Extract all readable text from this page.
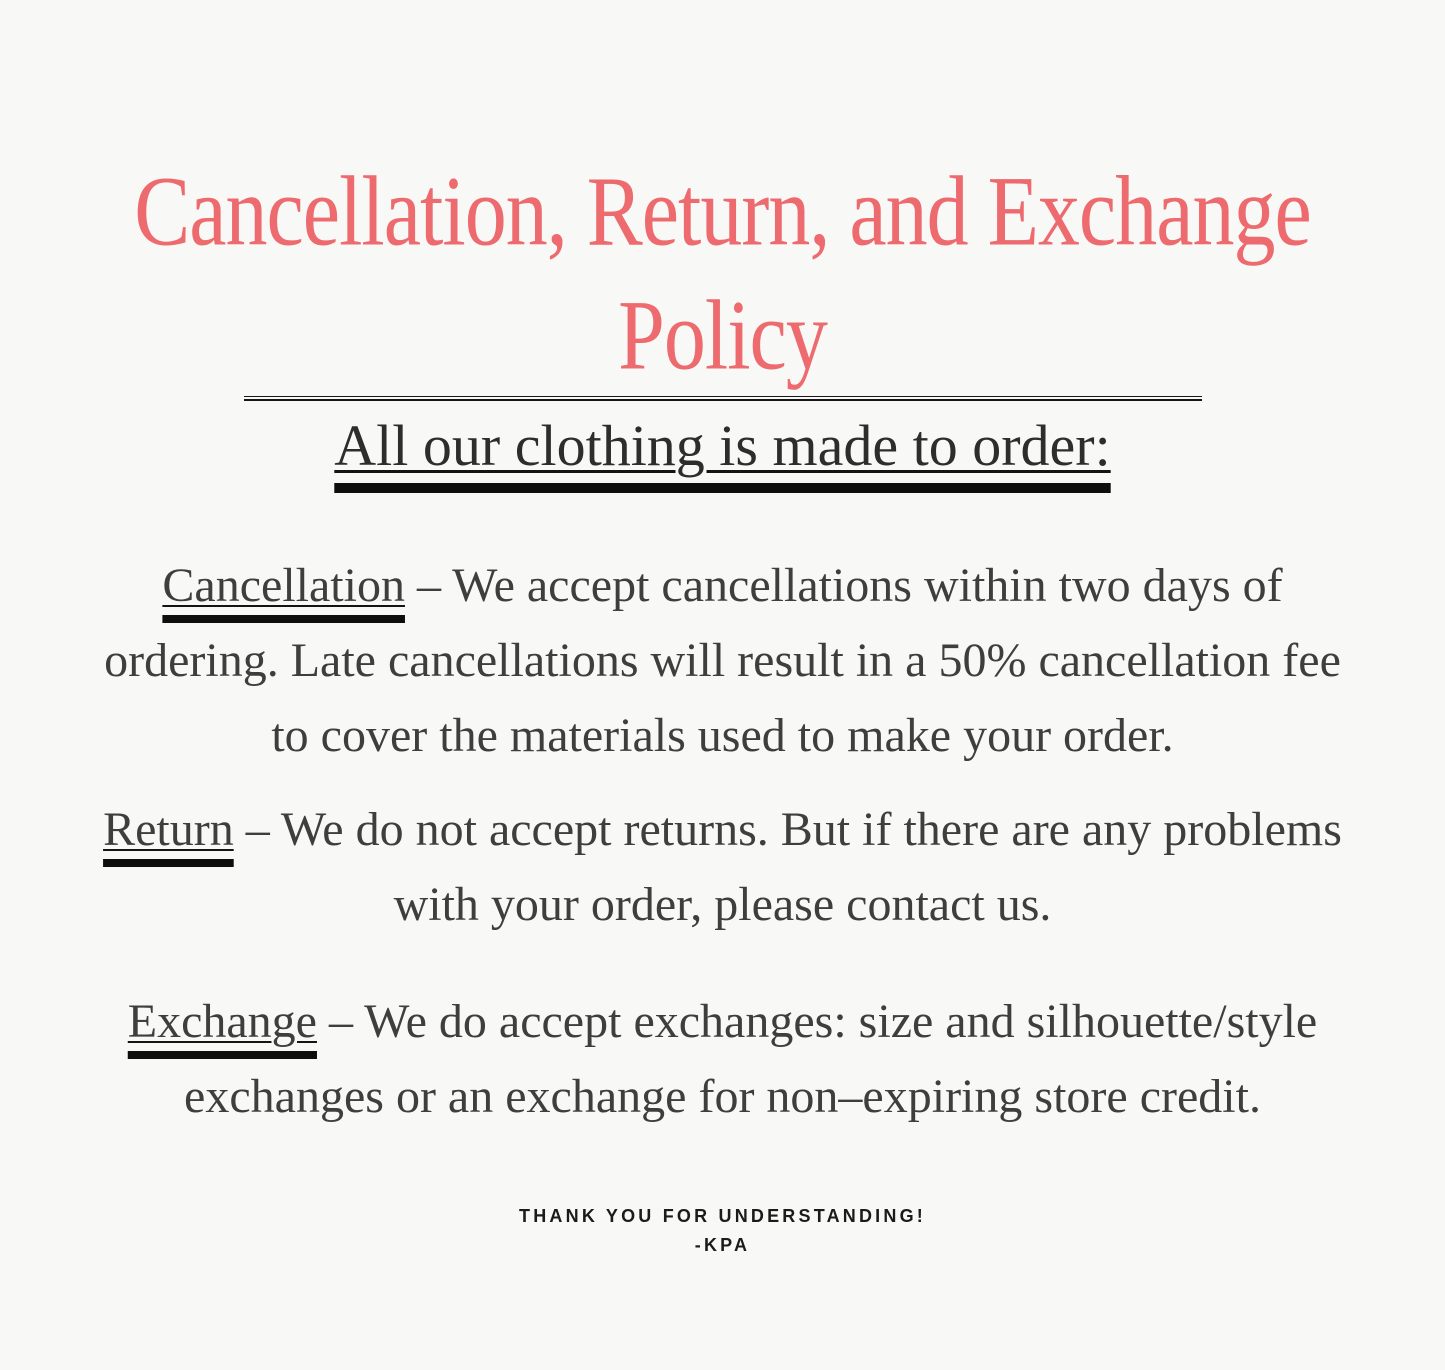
Cancellation, Return, and Exchange
Policy
All our clothing is made to order:
Cancellation – We accept cancellations within two days of
ordering. Late cancellations will result in a 50% cancellation fee
to cover the materials used to make your order.
Return – We do not accept returns. But if there are any problems
with your order, please contact us.
Exchange – We do accept exchanges: size and silhouette/style
exchanges or an exchange for non–expiring store credit.
THANK YOU FOR UNDERSTANDING!
-KPA
